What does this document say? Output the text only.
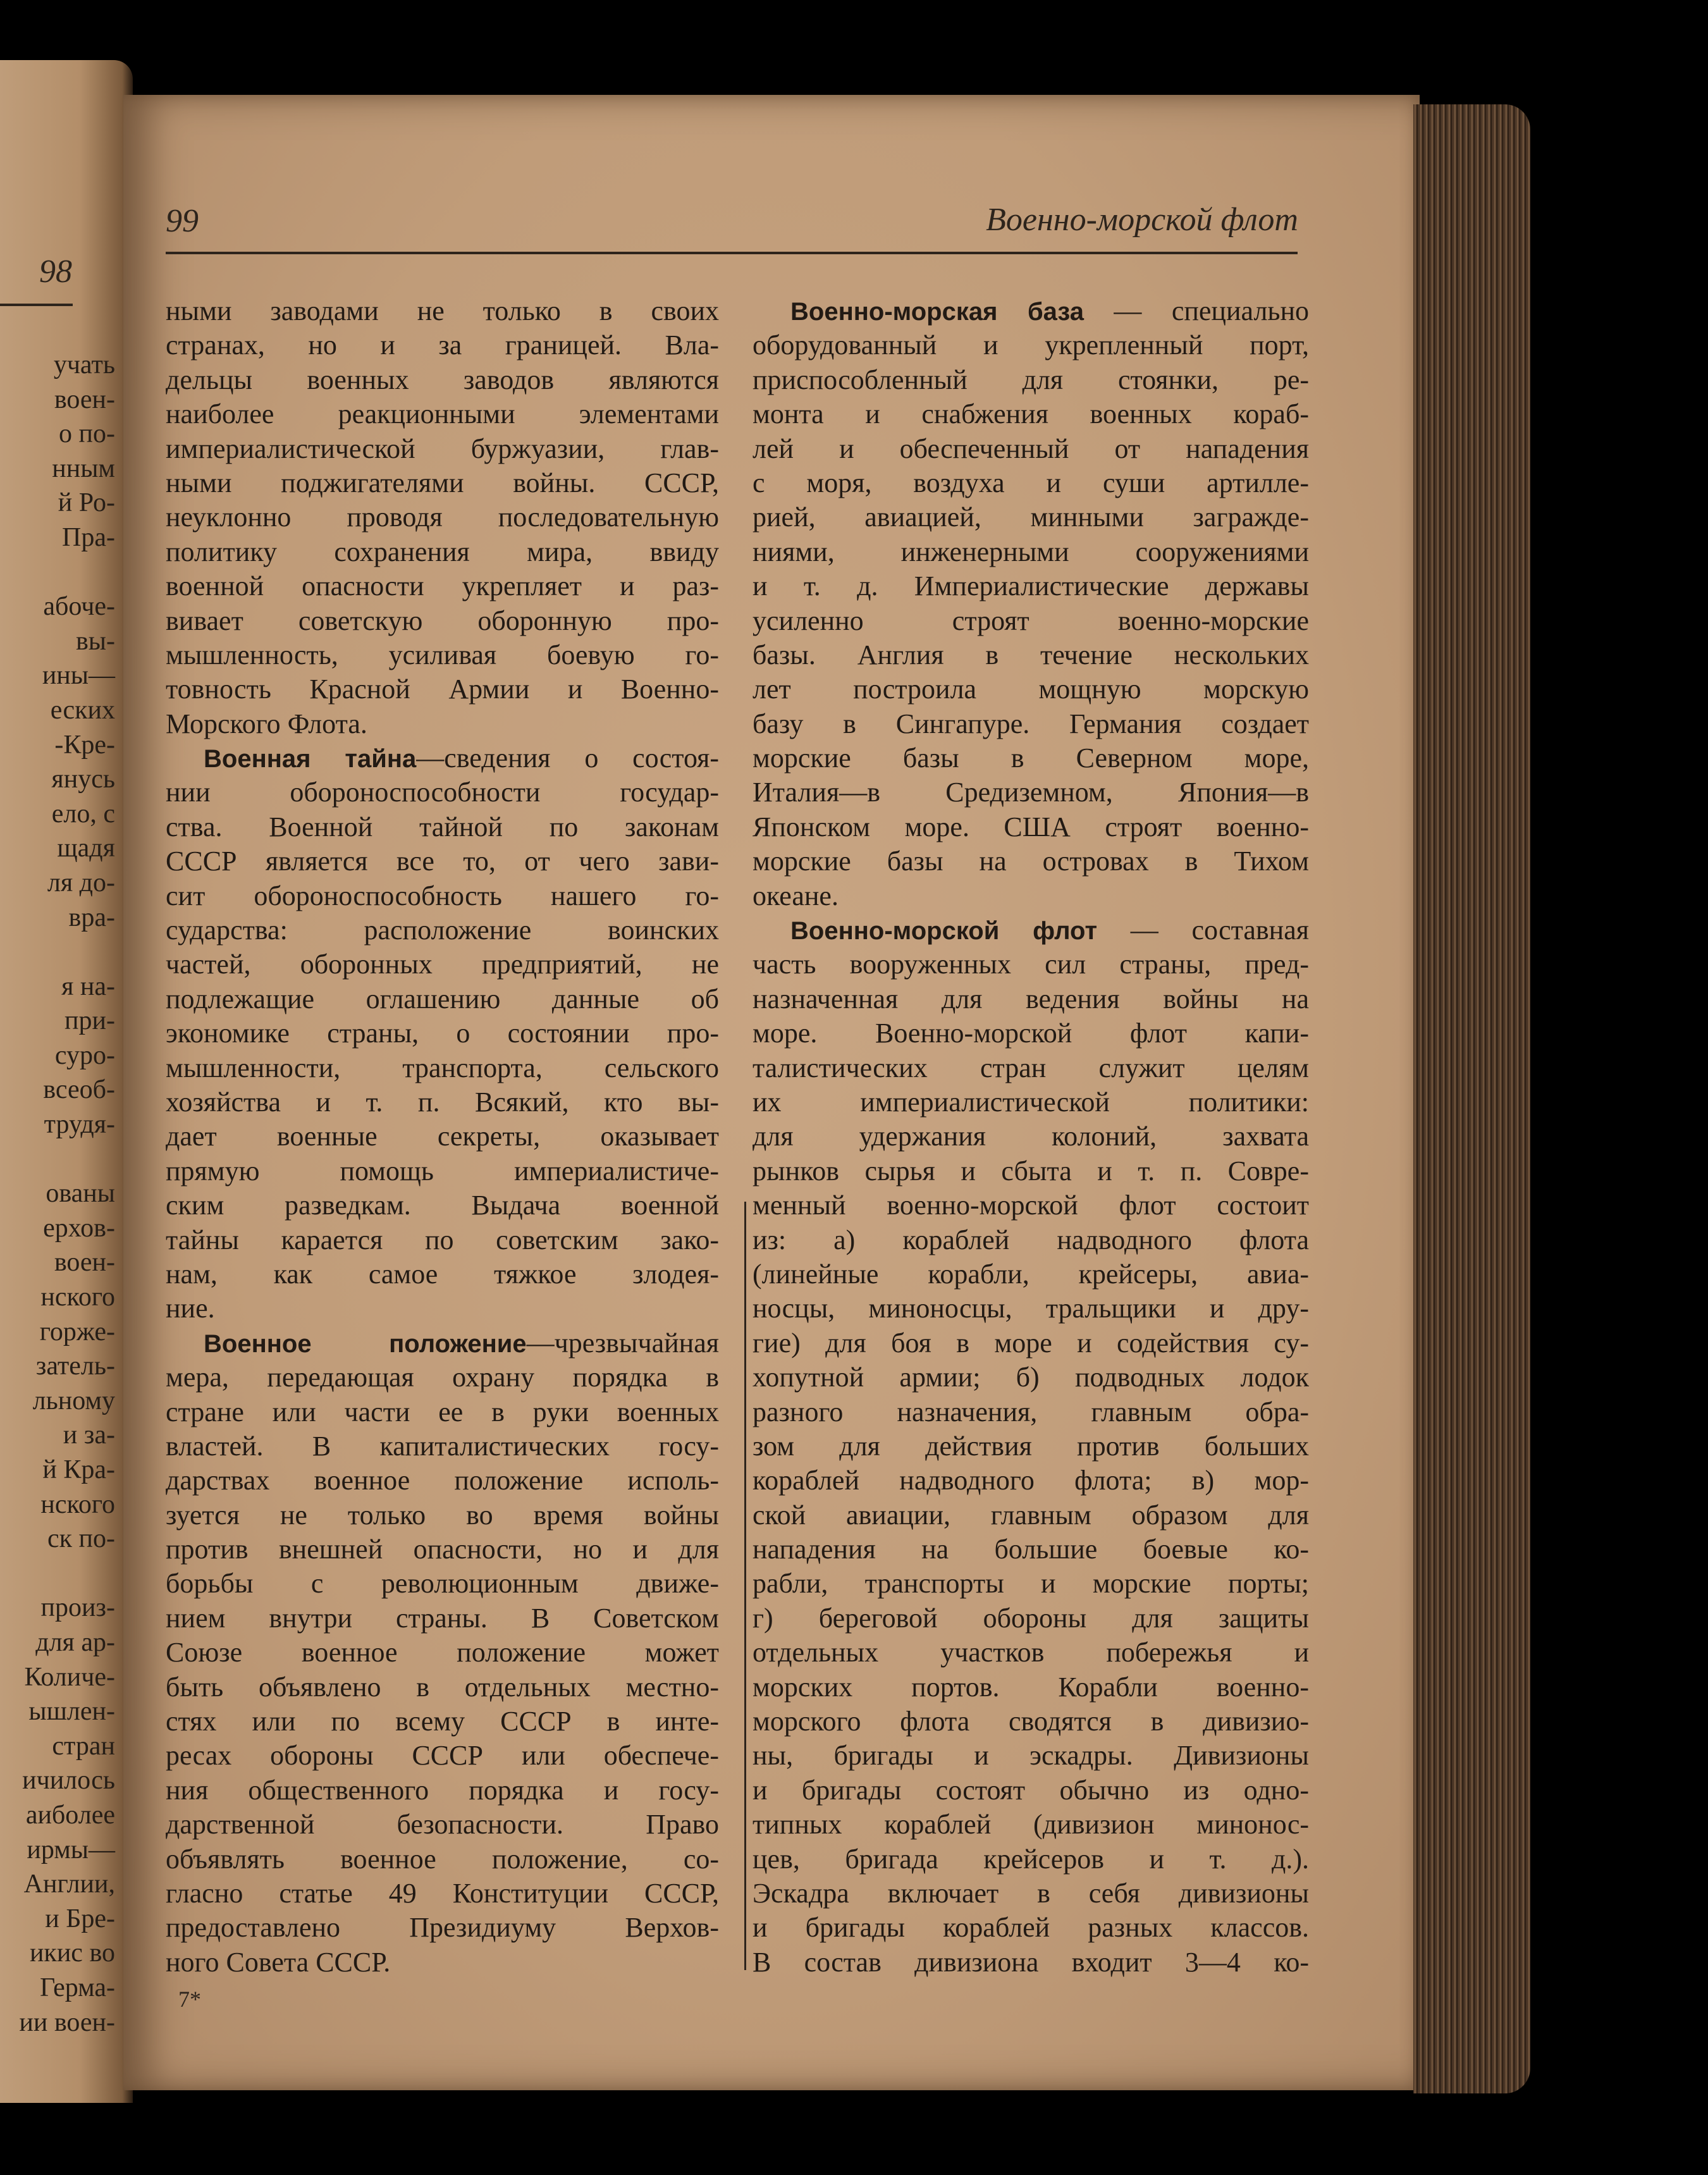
98
учать
воен-
о по-
нным
й Ро-
Пра-
абоче-
вы-
ины—
еских
-Кре-
янусь
ело, с
щадя
ля до-
вра-
я на-
при-
суро-
всеоб-
трудя-
ованы
ерхов-
воен-
нского
горже-
затель-
льному
и за-
й Кра-
нского
ск по-
произ-
для ар-
Количе-
ышлен-
стран
ичилось
аиболее
ирмы—
Англии,
и Бре-
икис во
Герма-
ии воен-
99	Военно-морской флот
ными заводами не только в своих
странах, но и за границей. Вла-
дельцы военных заводов являются
наиболее реакционными элементами
империалистической буржуазии, глав-
ными поджигателями войны. СССР,
неуклонно проводя последовательную
политику сохранения мира, ввиду
военной опасности укрепляет и раз-
вивает советскую оборонную про-
мышленность, усиливая боевую го-
товность Красной Армии и Военно-
Морского Флота.
Военная тайна—сведения о состоя-
нии обороноспособности государ-
ства. Военной тайной по законам
СССР является все то, от чего зави-
сит обороноспособность нашего го-
сударства: расположение воинских
частей, оборонных предприятий, не
подлежащие оглашению данные об
экономике страны, о состоянии про-
мышленности, транспорта, сельского
хозяйства и т. п. Всякий, кто вы-
дает военные секреты, оказывает
прямую помощь империалистиче-
ским разведкам. Выдача военной
тайны карается по советским зако-
нам, как самое тяжкое злодея-
ние.
Военное положение—чрезвычайная
мера, передающая охрану порядка в
стране или части ее в руки военных
властей. В капиталистических госу-
дарствах военное положение исполь-
зуется не только во время войны
против внешней опасности, но и для
борьбы с революционным движе-
нием внутри страны. В Советском
Союзе военное положение может
быть объявлено в отдельных местно-
стях или по всему СССР в инте-
ресах обороны СССР или обеспече-
ния общественного порядка и госу-
дарственной безопасности. Право
объявлять военное положение, со-
гласно статье 49 Конституции СССР,
предоставлено Президиуму Верхов-
ного Совета СССР.
Военно-морская база — специально
оборудованный и укрепленный порт,
приспособленный для стоянки, ре-
монта и снабжения военных кораб-
лей и обеспеченный от нападения
с моря, воздуха и суши артилле-
рией, авиацией, минными загражде-
ниями, инженерными сооружениями
и т. д. Империалистические державы
усиленно строят военно-морские
базы. Англия в течение нескольких
лет построила мощную морскую
базу в Сингапуре. Германия создает
морские базы в Северном море,
Италия—в Средиземном, Япония—в
Японском море. США строят военно-
морские базы на островах в Тихом
океане.
Военно-морской флот — составная
часть вооруженных сил страны, пред-
назначенная для ведения войны на
море. Военно-морской флот капи-
талистических стран служит целям
их империалистической политики:
для удержания колоний, захвата
рынков сырья и сбыта и т. п. Совре-
менный военно-морской флот состоит
из: а) кораблей надводного флота
(линейные корабли, крейсеры, авиа-
носцы, миноносцы, тральщики и дру-
гие) для боя в море и содействия су-
хопутной армии; б) подводных лодок
разного назначения, главным обра-
зом для действия против больших
кораблей надводного флота; в) мор-
ской авиации, главным образом для
нападения на большие боевые ко-
рабли, транспорты и морские порты;
г) береговой обороны для защиты
отдельных участков побережья и
морских портов. Корабли военно-
морского флота сводятся в дивизио-
ны, бригады и эскадры. Дивизионы
и бригады состоят обычно из одно-
типных кораблей (дивизион минонос-
цев, бригада крейсеров и т. д.).
Эскадра включает в себя дивизионы
и бригады кораблей разных классов.
В состав дивизиона входит 3—4 ко-
7*
